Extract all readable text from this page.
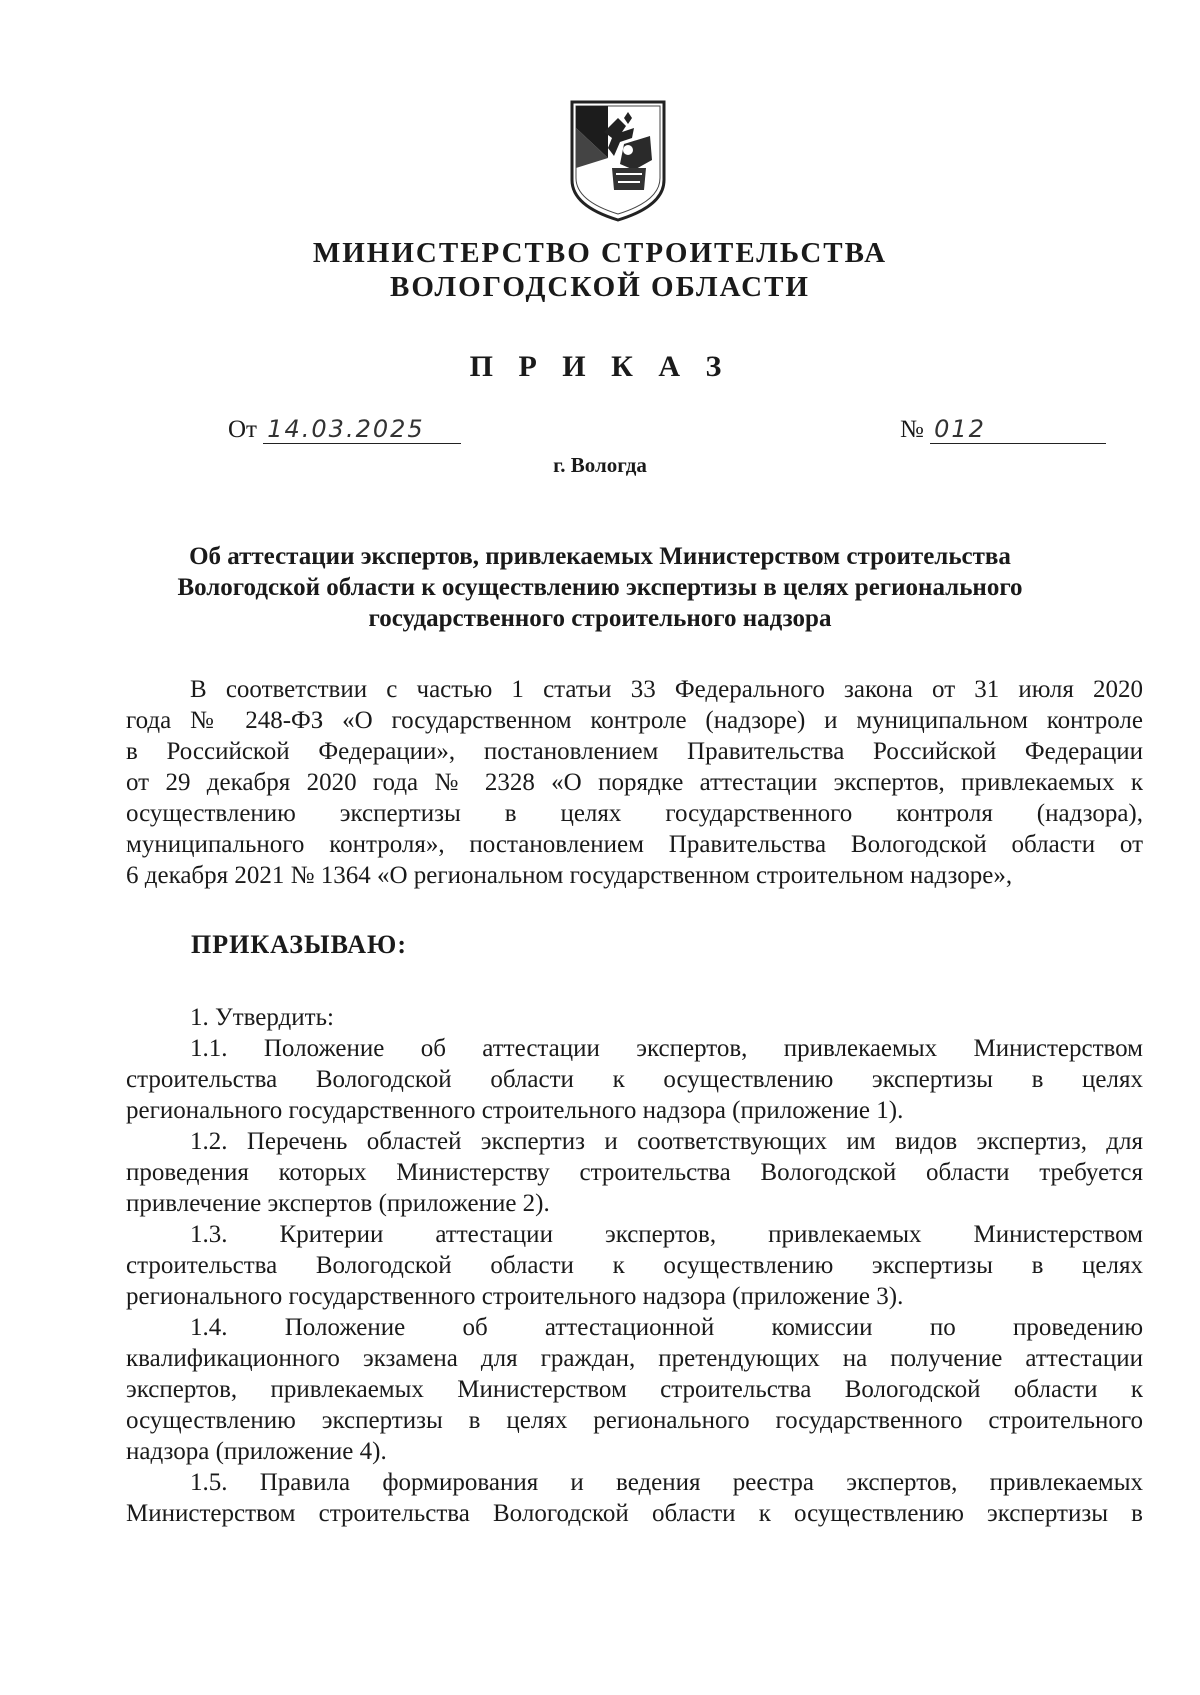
МИНИСТЕРСТВО СТРОИТЕЛЬСТВА
ВОЛОГОДСКОЙ ОБЛАСТИ
П Р И К А З
От 14.03.2025	№ 012
г. Вологда
Об аттестации экспертов, привлекаемых Министерством строительства
Вологодской области к осуществлению экспертизы в целях регионального
государственного строительного надзора
В соответствии с частью 1 статьи 33 Федерального закона от 31 июля 2020
года № 248-ФЗ «О государственном контроле (надзоре) и муниципальном контроле
в Российской Федерации», постановлением Правительства Российской Федерации
от 29 декабря 2020 года № 2328 «О порядке аттестации экспертов, привлекаемых к
осуществлению экспертизы в целях государственного контроля (надзора),
муниципального контроля», постановлением Правительства Вологодской области от
6 декабря 2021 № 1364 «О региональном государственном строительном надзоре»,
ПРИКАЗЫВАЮ:
1. Утвердить:
1.1. Положение об аттестации экспертов, привлекаемых Министерством
строительства Вологодской области к осуществлению экспертизы в целях
регионального государственного строительного надзора (приложение 1).
1.2. Перечень областей экспертиз и соответствующих им видов экспертиз, для
проведения которых Министерству строительства Вологодской области требуется
привлечение экспертов (приложение 2).
1.3. Критерии аттестации экспертов, привлекаемых Министерством
строительства Вологодской области к осуществлению экспертизы в целях
регионального государственного строительного надзора (приложение 3).
1.4. Положение об аттестационной комиссии по проведению
квалификационного экзамена для граждан, претендующих на получение аттестации
экспертов, привлекаемых Министерством строительства Вологодской области к
осуществлению экспертизы в целях регионального государственного строительного
надзора (приложение 4).
1.5. Правила формирования и ведения реестра экспертов, привлекаемых
Министерством строительства Вологодской области к осуществлению экспертизы в
